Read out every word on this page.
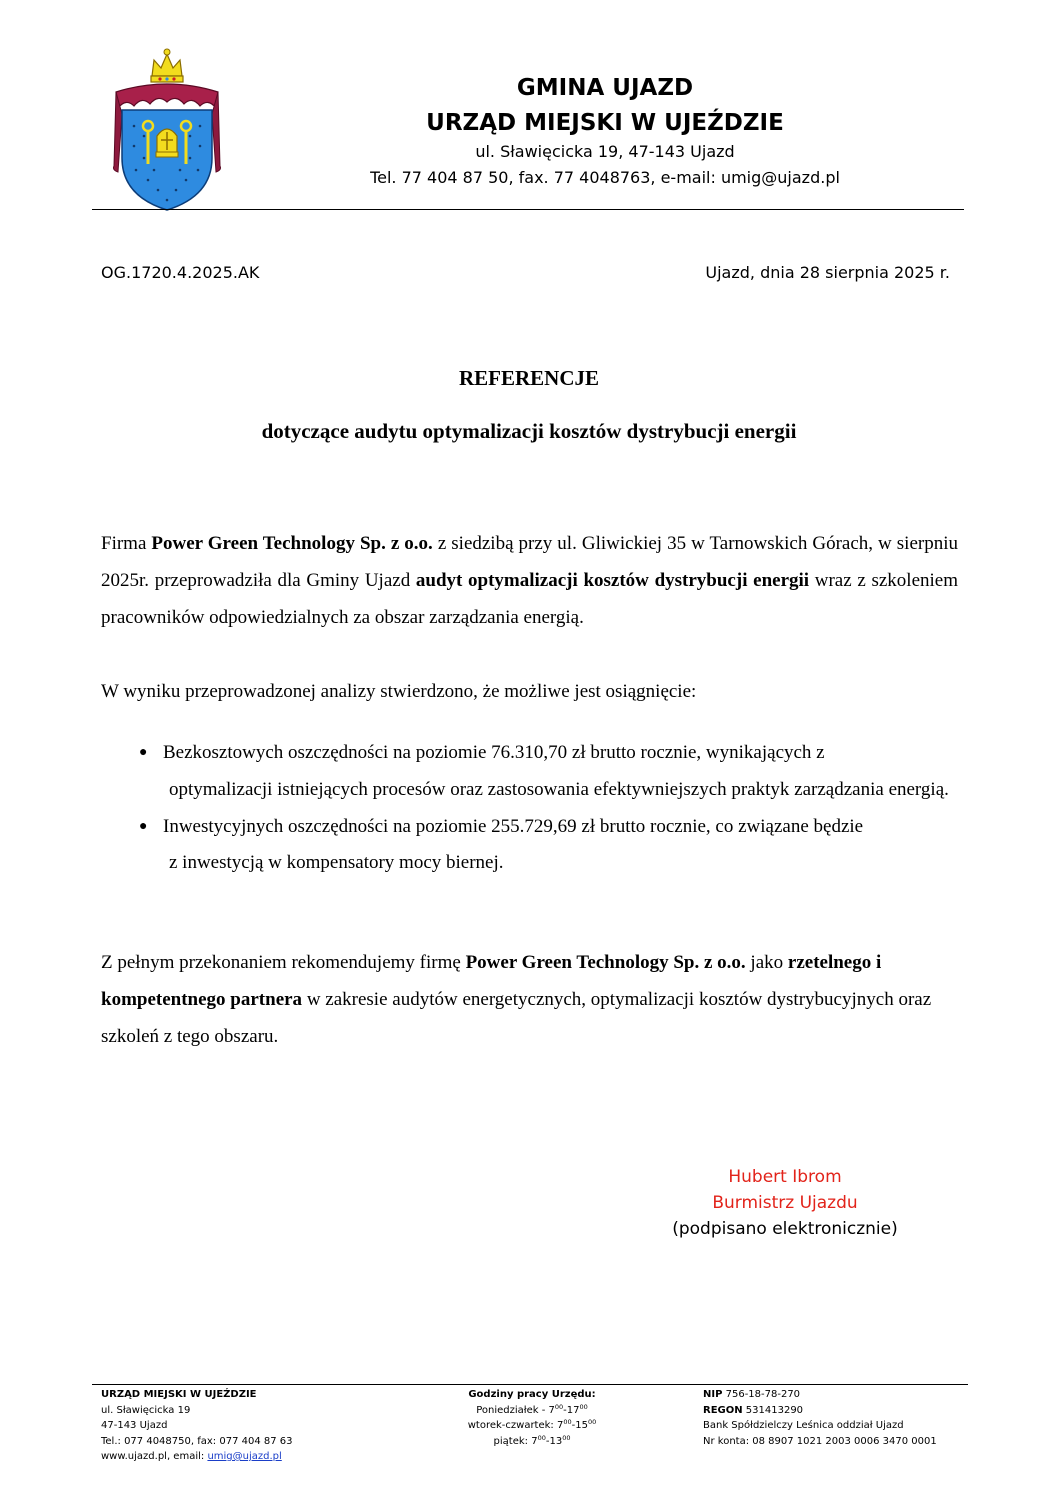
GMINA UJAZD
URZĄD MIEJSKI W UJEŹDZIE
ul. Sławięcicka 19, 47-143 Ujazd
Tel. 77 404 87 50, fax. 77 4048763, e-mail: umig@ujazd.pl
OG.1720.4.2025.AK	Ujazd, dnia 28 sierpnia 2025 r.
REFERENCJE
dotyczące audytu optymalizacji kosztów dystrybucji energii
Firma Power Green Technology Sp. z o.o. z siedzibą przy ul. Gliwickiej 35 w Tarnowskich Górach, w sierpniu 2025r. przeprowadziła dla Gminy Ujazd audyt optymalizacji kosztów dystrybucji energii wraz z szkoleniem pracowników odpowiedzialnych za obszar zarządzania energią.
W wyniku przeprowadzonej analizy stwierdzono, że możliwe jest osiągnięcie:
● Bezkosztowych oszczędności na poziomie 76.310,70 zł brutto rocznie, wynikających z
optymalizacji istniejących procesów oraz zastosowania efektywniejszych praktyk zarządzania energią.
● Inwestycyjnych oszczędności na poziomie 255.729,69 zł brutto rocznie, co związane będzie
z inwestycją w kompensatory mocy biernej.
Z pełnym przekonaniem rekomendujemy firmę Power Green Technology Sp. z o.o. jako rzetelnego i kompetentnego partnera w zakresie audytów energetycznych, optymalizacji kosztów dystrybucyjnych oraz szkoleń z tego obszaru.
Hubert Ibrom
Burmistrz Ujazdu
(podpisano elektronicznie)
URZĄD MIEJSKI W UJEŹDZIE
ul. Sławięcicka 19
47-143 Ujazd
Tel.: 077 4048750, fax: 077 404 87 63
www.ujazd.pl, email: umig@ujazd.pl
Godziny pracy Urzędu:
Poniedziałek - $7^{00}-17^{00}$
wtorek-czwartek: $7^{00}-15^{00}$
piątek: $7^{00}-13^{00}$
NIP 756-18-78-270
REGON 531413290
Bank Spółdzielczy Leśnica oddział Ujazd
Nr konta: 08 8907 1021 2003 0006 3470 0001
